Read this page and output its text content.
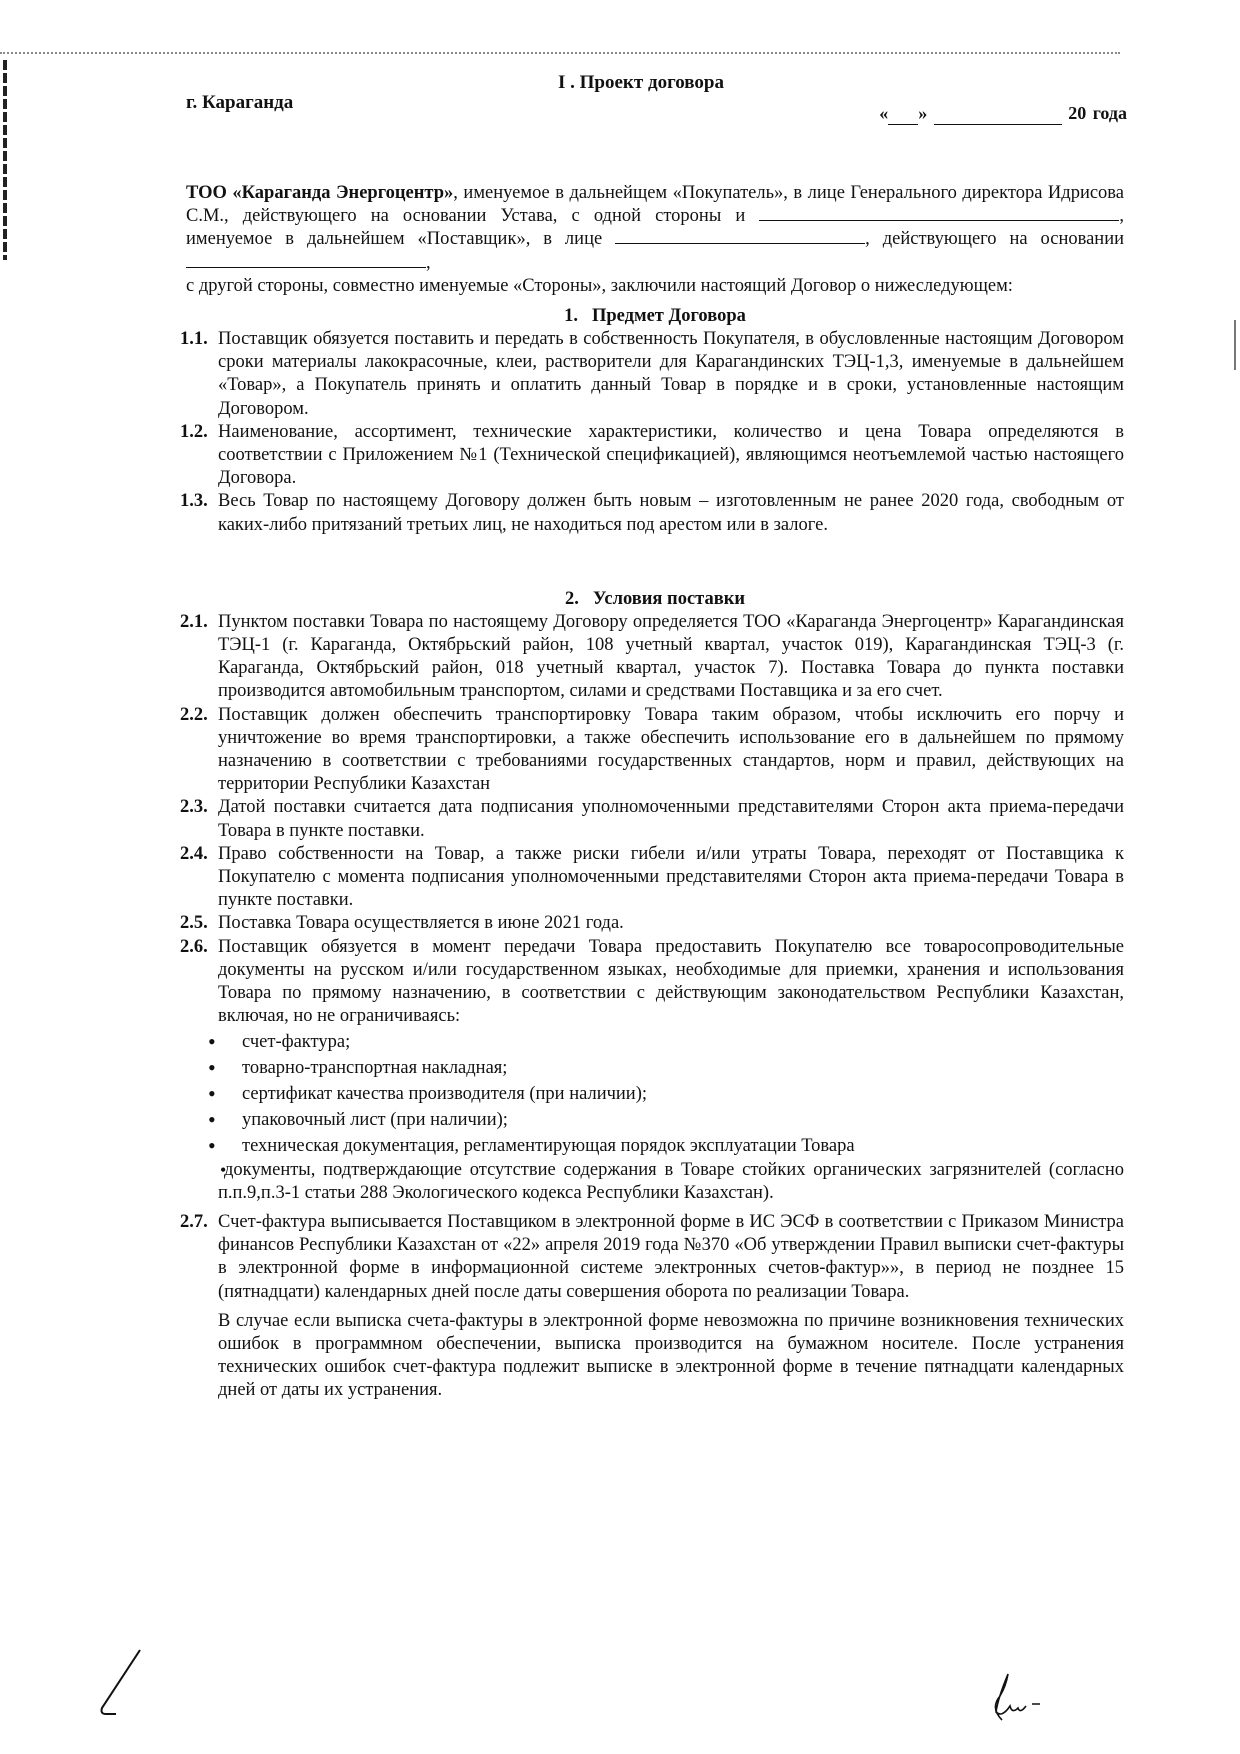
I . Проект договора
г. Караганда	« »	20 года

ТОО «Караганда Энергоцентр», именуемое в дальнейщем «Покупатель», в лице Генерального директора Идрисова С.М., действующего на основании Устава, с одной стороны и	, именуемое в дальнейшем «Поставщик», в лице	, действующего на основании ,

с другой стороны, совместно именуемые «Стороны», заключили настоящий Договор о нижеследующем:

1. Предмет Договора

1.1. Поставщик обязуется поставить и передать в собственность Покупателя, в обусловленные настоящим Договором сроки материалы лакокрасочные, клеи, растворители для Карагандинских ТЭЦ-1,3, именуемые в дальнейшем «Товар», а Покупатель принять и оплатить данный Товар в порядке и в сроки, установленные настоящим Договором.

1.2. Наименование, ассортимент, технические характеристики, количество и цена Товара определяются в соответствии с Приложением №1 (Технической спецификацией), являющимся неотъемлемой частью настоящего Договора.

1.3. Весь Товар по настоящему Договору должен быть новым – изготовленным не ранее 2020 года, свободным от каких-либо притязаний третьих лиц, не находиться под арестом или в залоге.

2. Условия поставки

2.1. Пунктом поставки Товара по настоящему Договору определяется ТОО «Караганда Энергоцентр» Карагандинская ТЭЦ-1 (г. Караганда, Октябрьский район, 108 учетный квартал, участок 019), Карагандинская ТЭЦ-3 (г. Караганда, Октябрьский район, 018 учетный квартал, участок 7). Поставка Товара до пункта поставки производится автомобильным транспортом, силами и средствами Поставщика и за его счет.

2.2. Поставщик должен обеспечить транспортировку Товара таким образом, чтобы исключить его порчу и уничтожение во время транспортировки, а также обеспечить использование его в дальнейшем по прямому назначению в соответствии с требованиями государственных стандартов, норм и правил, действующих на территории Республики Казахстан

2.3. Датой поставки считается дата подписания уполномоченными представителями Сторон акта приема-передачи Товара в пункте поставки.

2.4. Право собственности на Товар, а также риски гибели и/или утраты Товара, переходят от Поставщика к Покупателю с момента подписания уполномоченными представителями Сторон акта приема-передачи Товара в пункте поставки.

2.5. Поставка Товара осуществляется в июне 2021 года.

2.6. Поставщик обязуется в момент передачи Товара предоставить Покупателю все товаросопроводительные документы на русском и/или государственном языках, необходимые для приемки, хранения и использования Товара по прямому назначению, в соответствии с действующим законодательством Республики Казахстан, включая, но не ограничиваясь:

• счет-фактура;
• товарно-транспортная накладная;
• сертификат качества производителя (при наличии);
• упаковочный лист (при наличии);
• техническая документация, регламентирующая порядок эксплуатации Товара
• документы, подтверждающие отсутствие содержания в Товаре стойких органических загрязнителей (согласно п.п.9,п.3-1 статьи 288 Экологического кодекса Республики Казахстан).

2.7. Счет-фактура выписывается Поставщиком в электронной форме в ИС ЭСФ в соответствии с Приказом Министра финансов Республики Казахстан от «22» апреля 2019 года №370 «Об утверждении Правил выписки счет-фактуры в электронной форме в информационной системе электронных счетов-фактур»», в период не позднее 15 (пятнадцати) календарных дней после даты совершения оборота по реализации Товара.

В случае если выписка счета-фактуры в электронной форме невозможна по причине возникновения технических ошибок в программном обеспечении, выписка производится на бумажном носителе. После устранения технических ошибок счет-фактура подлежит выписке в электронной форме в течение пятнадцати календарных дней от даты их устранения.
